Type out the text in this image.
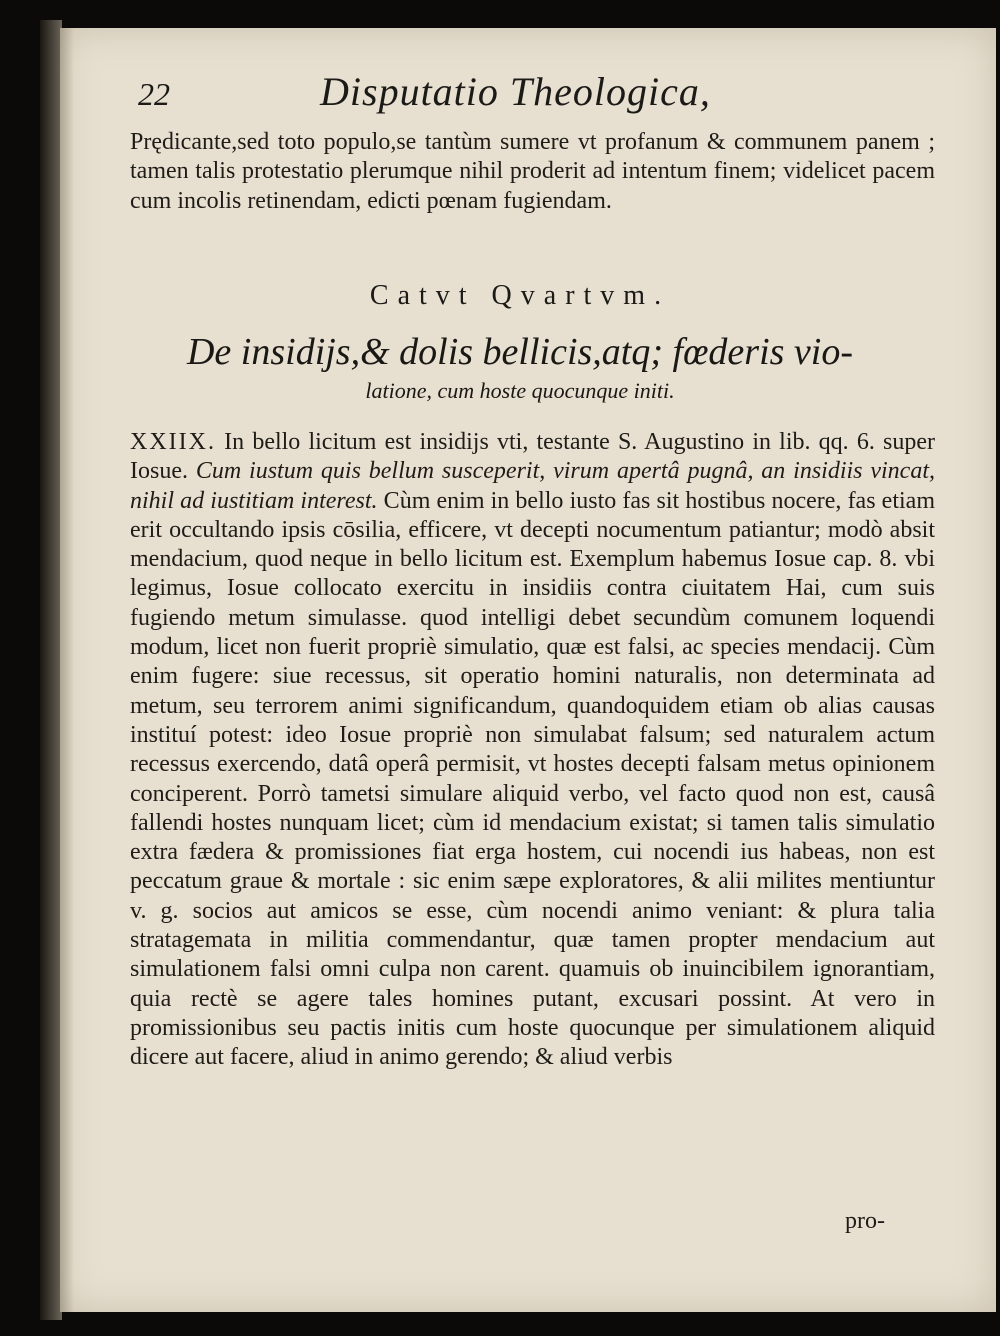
22	Disputatio Theologica,
Prędicante,sed toto populo,se tantùm sumere vt profanum & communem panem ; tamen talis protestatio plerumque nihil proderit ad intentum finem; videlicet pacem cum incolis retinendam, edicti pœnam fugiendam.
Catvt Qvartvm.
De insidijs,& dolis bellicis,atq; fœderis vio-
latione, cum hoste quocunque initi.
XXIIX. In bello licitum est insidijs vti, testante S. Augustino in lib. qq. 6. super Iosue. Cum iustum quis bellum susceperit, virum apertâ pugnâ, an insidiis vincat, nihil ad iustitiam interest. Cùm enim in bello iusto fas sit hostibus nocere, fas etiam erit occultando ipsis cōsilia, efficere, vt decepti nocumentum patiantur; modò absit mendacium, quod neque in bello licitum est. Exemplum habemus Iosue cap. 8. vbi legimus, Iosue collocato exercitu in insidiis contra ciuitatem Hai, cum suis fugiendo metum simulasse. quod intelligi debet secundùm comunem loquendi modum, licet non fuerit propriè simulatio, quæ est falsi, ac species mendacij. Cùm enim fugere: siue recessus, sit operatio homini naturalis, non determinata ad metum, seu terrorem animi significandum, quandoquidem etiam ob alias causas instituí potest: ideo Iosue propriè non simulabat falsum; sed naturalem actum recessus exercendo, datâ operâ permisit, vt hostes decepti falsam metus opinionem conciperent. Porrò tametsi simulare aliquid verbo, vel facto quod non est, causâ fallendi hostes nunquam licet; cùm id mendacium existat; si tamen talis simulatio extra fædera & promissiones fiat erga hostem, cui nocendi ius habeas, non est peccatum graue & mortale : sic enim sæpe exploratores, & alii milites mentiuntur v. g. socios aut amicos se esse, cùm nocendi animo veniant: & plura talia stratagemata in militia commendantur, quæ tamen propter mendacium aut simulationem falsi omni culpa non carent. quamuis ob inuincibilem ignorantiam, quia rectè se agere tales homines putant, excusari possint. At vero in promissionibus seu pactis initis cum hoste quocunque per simulationem aliquid dicere aut facere, aliud in animo gerendo; & aliud verbis
pro-
